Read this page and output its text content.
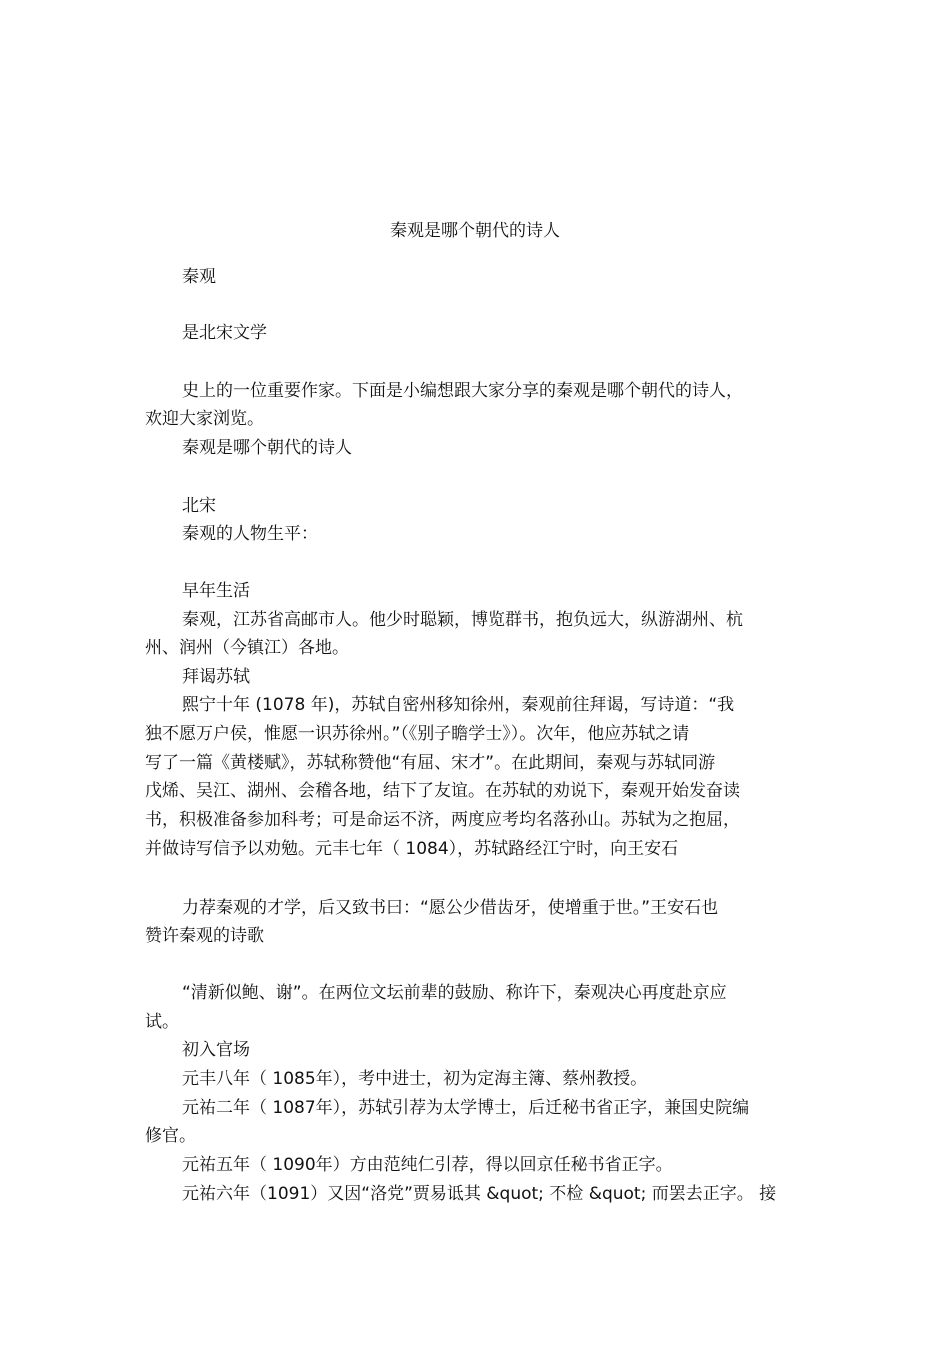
秦观是哪个朝代的诗人
秦观
是北宋文学
史上的一位重要作家。下面是小编想跟大家分享的秦观是哪个朝代的诗人，
欢迎大家浏览。
秦观是哪个朝代的诗人
北宋
秦观的人物生平：
早年生活
秦观，江苏省高邮市人。他少时聪颖，博览群书，抱负远大，纵游湖州、杭
州、润州（今镇江）各地。
拜谒苏轼
熙宁十年 (1078 年)，苏轼自密州移知徐州，秦观前往拜谒，写诗道：“我
独不愿万户侯，惟愿一识苏徐州。”（《别子瞻学士》）。次年，他应苏轼之请
写了一篇《黄楼赋》，苏轼称赞他“有屈、宋才”。在此期间，秦观与苏轼同游
戊烯、吴江、湖州、会稽各地，结下了友谊。在苏轼的劝说下，秦观开始发奋读
书，积极准备参加科考；可是命运不济，两度应考均名落孙山。苏轼为之抱屈，
并做诗写信予以劝勉。元丰七年（ 1084），苏轼路经江宁时，向王安石
力荐秦观的才学，后又致书曰：“愿公少借齿牙，使增重于世。”王安石也
赞许秦观的诗歌
“清新似鲍、谢”。在两位文坛前辈的鼓励、称许下，秦观决心再度赴京应
试。
初入官场
元丰八年（ 1085年），考中进士，初为定海主簿、蔡州教授。
元祐二年（ 1087年），苏轼引荐为太学博士，后迁秘书省正字，兼国史院编
修官。
元祐五年（ 1090年）方由范纯仁引荐，得以回京任秘书省正字。
元祐六年（1091）又因“洛党”贾易诋其 &quot; 不检 &quot; 而罢去正字。 接
